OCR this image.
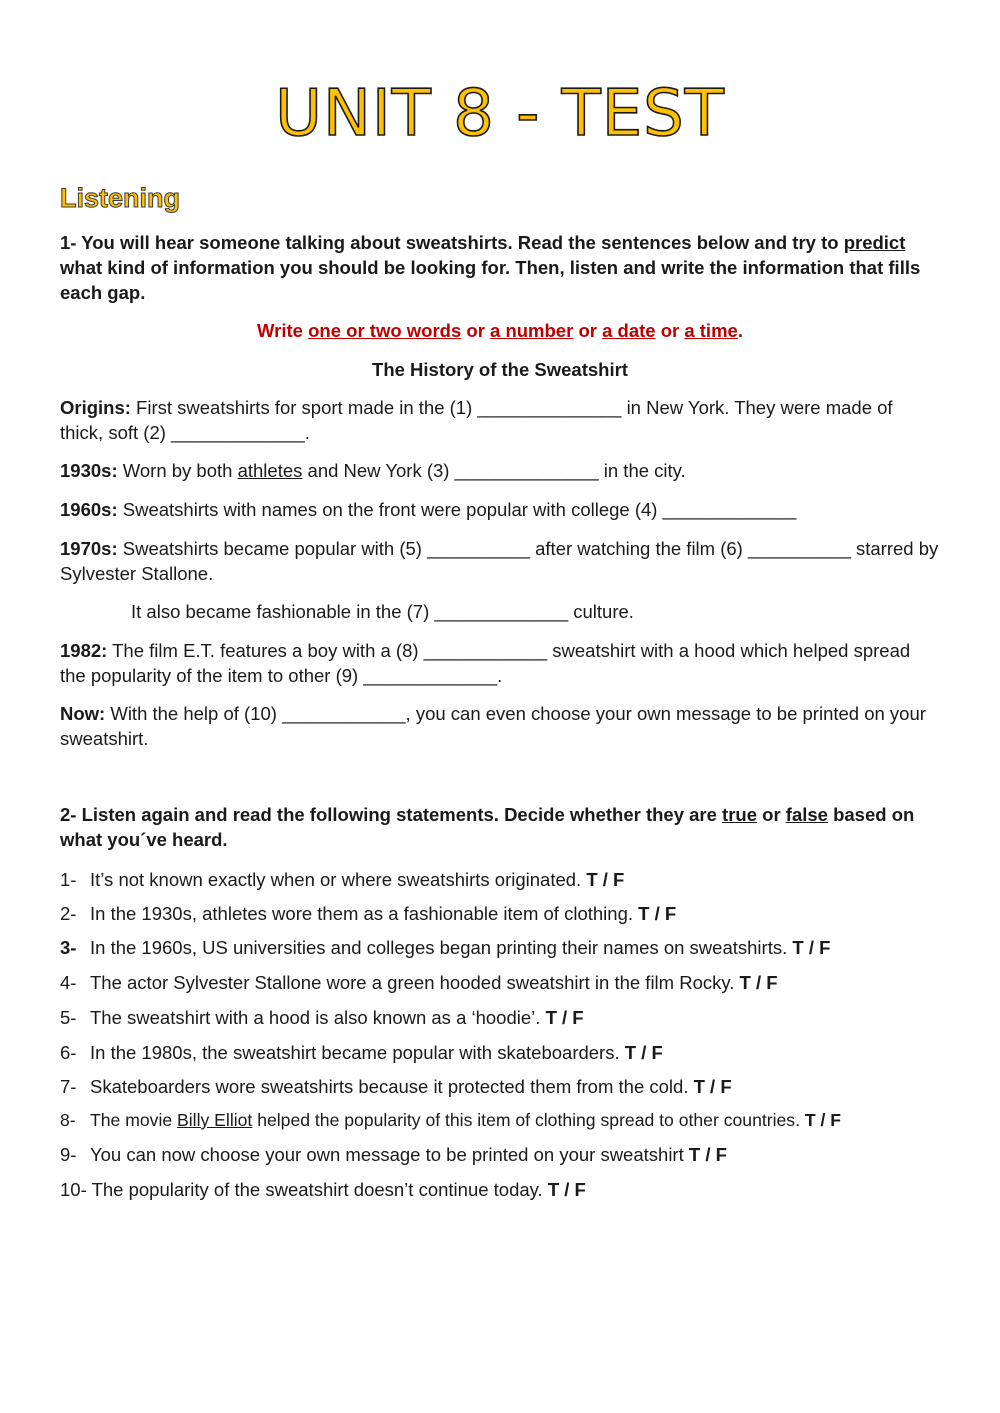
UNIT 8 - TEST
Listening

1- You will hear someone talking about sweatshirts. Read the sentences below and try to predict what kind of information you should be looking for. Then, listen and write the information that fills each gap.

Write one or two words or a number or a date or a time.

The History of the Sweatshirt

Origins: First sweatshirts for sport made in the (1) ______________ in New York. They were made of thick, soft (2) _____________.

1930s: Worn by both athletes and New York (3) ______________ in the city.

1960s: Sweatshirts with names on the front were popular with college (4) _____________

1970s: Sweatshirts became popular with (5) __________ after watching the film (6) __________ starred by Sylvester Stallone.

It also became fashionable in the (7) _____________ culture.

1982: The film E.T. features a boy with a (8) ____________ sweatshirt with a hood which helped spread the popularity of the item to other (9) _____________.

Now: With the help of (10) ____________, you can even choose your own message to be printed on your sweatshirt.

2- Listen again and read the following statements. Decide whether they are true or false based on what you´ve heard.

1- It’s not known exactly when or where sweatshirts originated. T / F

2- In the 1930s, athletes wore them as a fashionable item of clothing. T / F

3- In the 1960s, US universities and colleges began printing their names on sweatshirts. T / F

4- The actor Sylvester Stallone wore a green hooded sweatshirt in the film Rocky. T / F

5- The sweatshirt with a hood is also known as a ‘hoodie’. T / F

6- In the 1980s, the sweatshirt became popular with skateboarders. T / F

7- Skateboarders wore sweatshirts because it protected them from the cold. T / F

8- The movie Billy Elliot helped the popularity of this item of clothing spread to other countries. T / F

9- You can now choose your own message to be printed on your sweatshirt T / F

10- The popularity of the sweatshirt doesn’t continue today. T / F
